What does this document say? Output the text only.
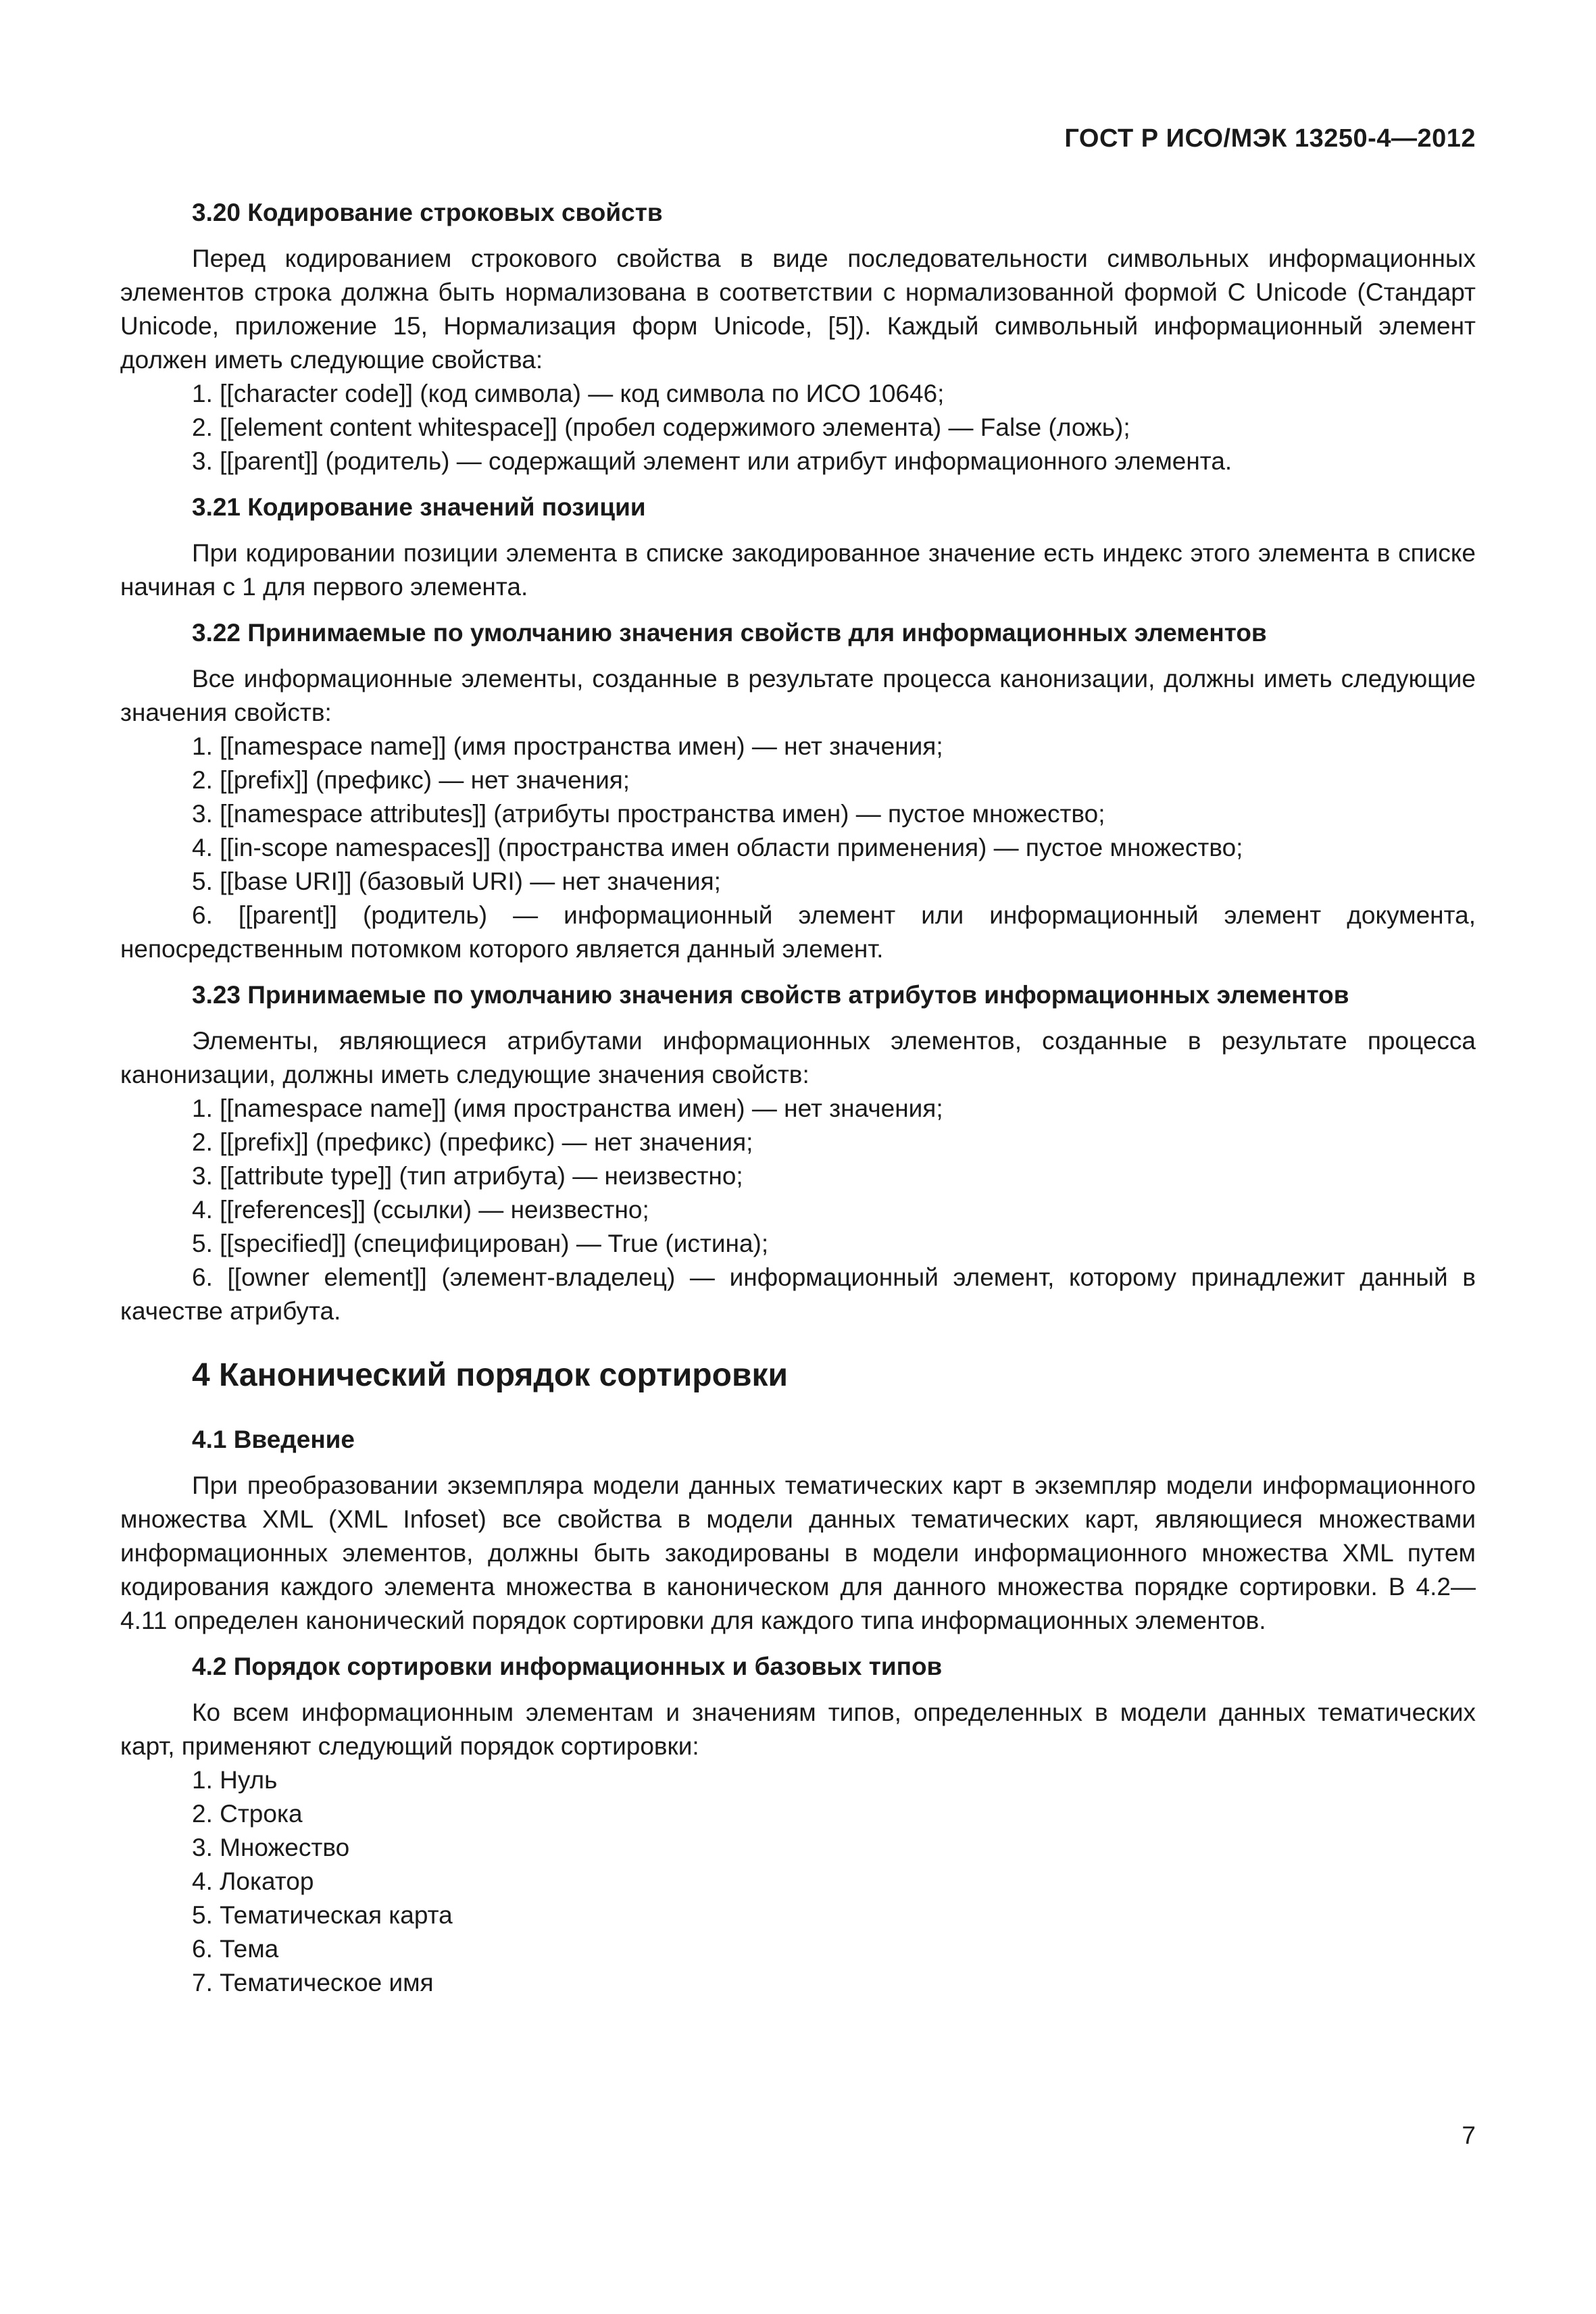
ГОСТ Р ИСО/МЭК 13250-4—2012

3.20 Кодирование строковых свойств

Перед кодированием строкового свойства в виде последовательности символьных информационных элементов строка должна быть нормализована в соответствии с нормализованной формой С Unicode (Стандарт Unicode, приложение 15, Нормализация форм Unicode, [5]). Каждый символьный информационный элемент должен иметь следующие свойства:

1. [[character code]] (код символа) — код символа по ИСО 10646;
2. [[element content whitespace]] (пробел содержимого элемента) — False (ложь);
3. [[parent]] (родитель) — содержащий элемент или атрибут информационного элемента.
3.21 Кодирование значений позиции

При кодировании позиции элемента в списке закодированное значение есть индекс этого элемента в списке начиная с 1 для первого элемента.

3.22 Принимаемые по умолчанию значения свойств для информационных элементов

Все информационные элементы, созданные в результате процесса канонизации, должны иметь следующие значения свойств:

1. [[namespace name]] (имя пространства имен) — нет значения;
2. [[prefix]] (префикс) — нет значения;
3. [[namespace attributes]] (атрибуты пространства имен) — пустое множество;
4. [[in-scope namespaces]] (пространства имен области применения) — пустое множество;
5. [[base URI]] (базовый URI) — нет значения;
6. [[parent]] (родитель) — информационный элемент или информационный элемент документа, непосредственным потомком которого является данный элемент.
3.23 Принимаемые по умолчанию значения свойств атрибутов информационных элементов

Элементы, являющиеся атрибутами информационных элементов, созданные в результате процесса канонизации, должны иметь следующие значения свойств:

1. [[namespace name]] (имя пространства имен) — нет значения;
2. [[prefix]] (префикс) (префикс) — нет значения;
3. [[attribute type]] (тип атрибута) — неизвестно;
4. [[references]] (ссылки) — неизвестно;
5. [[specified]] (специфицирован) — True (истина);
6. [[owner element]] (элемент-владелец) — информационный элемент, которому принадлежит данный в качестве атрибута.
4 Канонический порядок сортировки
4.1 Введение

При преобразовании экземпляра модели данных тематических карт в экземпляр модели информационного множества XML (XML Infoset) все свойства в модели данных тематических карт, являющиеся множествами информационных элементов, должны быть закодированы в модели информационного множества XML путем кодирования каждого элемента множества в каноническом для данного множества порядке сортировки. В 4.2—4.11 определен канонический порядок сортировки для каждого типа информационных элементов.

4.2 Порядок сортировки информационных и базовых типов

Ко всем информационным элементам и значениям типов, определенных в модели данных тематических карт, применяют следующий порядок сортировки:

1. Нуль
2. Строка
3. Множество
4. Локатор
5. Тематическая карта
6. Тема
7. Тематическое имя

7
